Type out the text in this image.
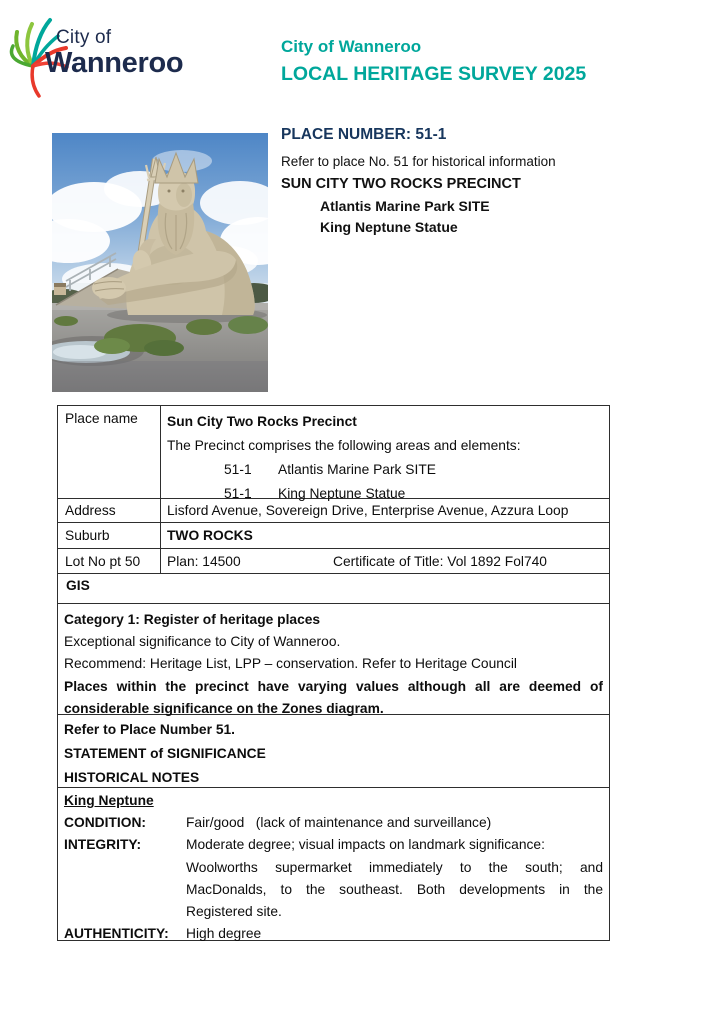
City of
Wanneroo
City of Wanneroo
LOCAL HERITAGE SURVEY 2025
PLACE NUMBER: 51-1
Refer to place No. 51 for historical information
SUN CITY TWO ROCKS PRECINCT
Atlantis Marine Park SITE
King Neptune Statue
Place name	Sun City Two Rocks Precinct
The Precinct comprises the following areas and elements:
51-1 Atlantis Marine Park SITE
51-1 King Neptune Statue
Address	Lisford Avenue, Sovereign Drive, Enterprise Avenue, Azzura Loop
Suburb	TWO ROCKS
Lot No pt 50	Plan: 14500	Certificate of Title: Vol 1892 Fol740
GIS
Category 1: Register of heritage places
Exceptional significance to City of Wanneroo.
Recommend: Heritage List, LPP – conservation. Refer to Heritage Council
Places within the precinct have varying values although all are deemed of
considerable significance on the Zones diagram.
Refer to Place Number 51.
STATEMENT of SIGNIFICANCE
HISTORICAL NOTES
King Neptune
CONDITION:	Fair/good   (lack of maintenance and surveillance)
INTEGRITY:	Moderate degree; visual impacts on landmark significance:
Woolworths supermarket immediately to the south; and
MacDonalds, to the southeast. Both developments in the
Registered site.
AUTHENTICITY:	High degree
